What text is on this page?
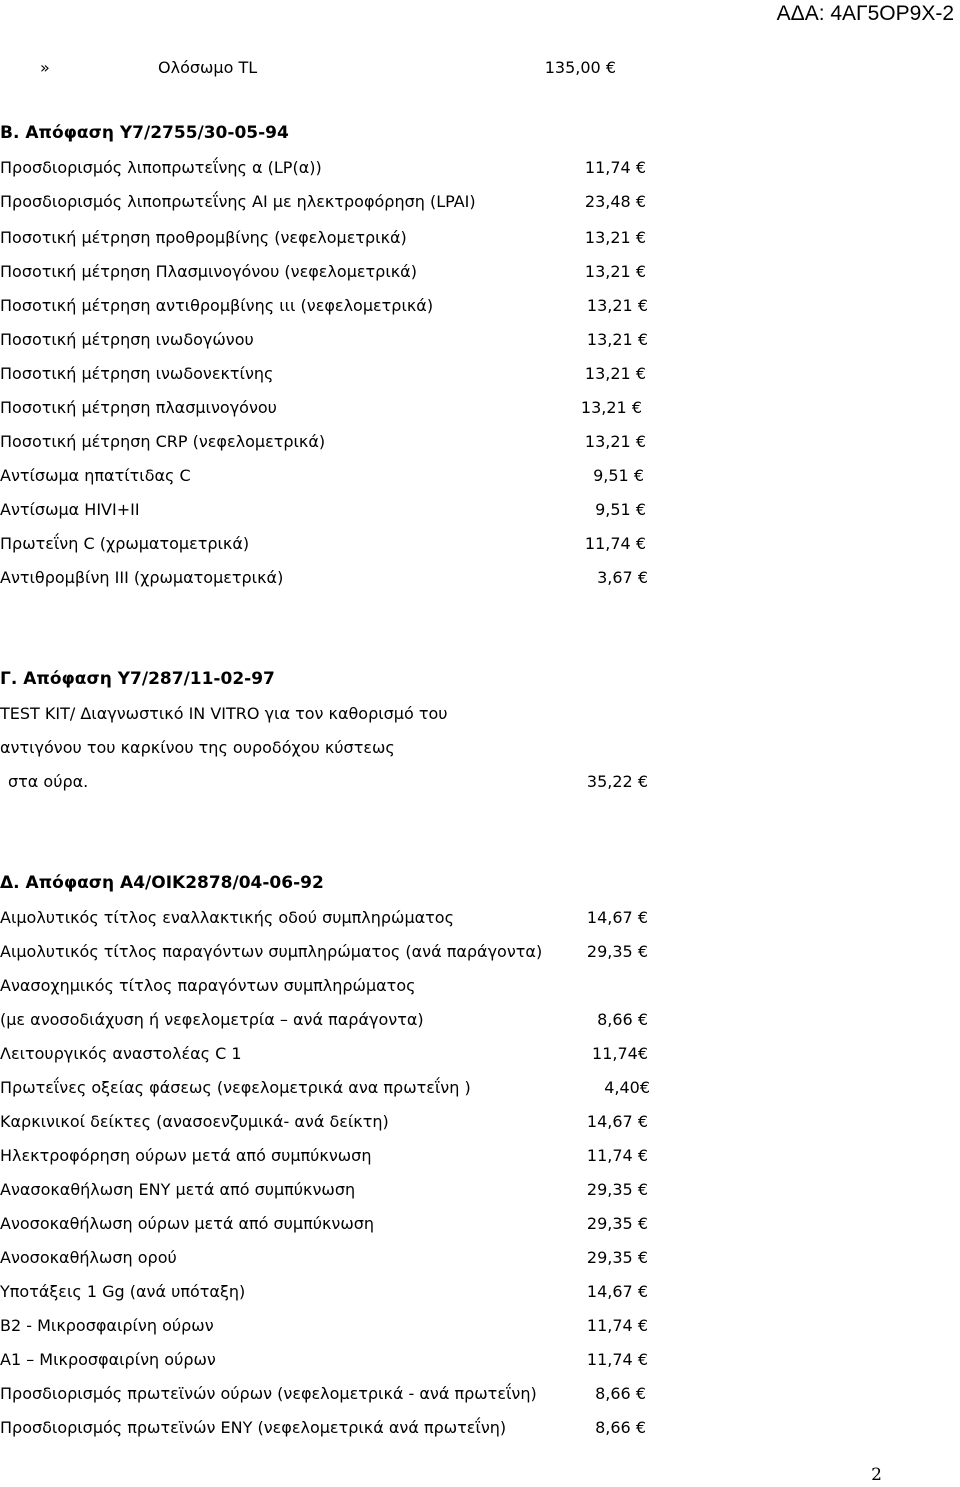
ΑΔΑ: 4ΑΓ5ΟΡ9Χ-2
»	Ολόσωμο TL	135,00 €
Β. Απόφαση Υ7/2755/30-05-94
Προσδιορισμός λιποπρωτεΐνης α (LP(α))	11,74 €
Προσδιορισμός λιποπρωτεΐνης ΑΙ με ηλεκτροφόρηση (LPAI)	23,48 €
Ποσοτική μέτρηση προθρομβίνης (νεφελομετρικά)	13,21 €
Ποσοτική μέτρηση Πλασμινογόνου (νεφελομετρικά)	13,21 €
Ποσοτική μέτρηση αντιθρομβίνης ιιι (νεφελομετρικά)	13,21 €
Ποσοτική μέτρηση ινωδογώνου	13,21 €
Ποσοτική μέτρηση ινωδονεκτίνης	13,21 €
Ποσοτική μέτρηση πλασμινογόνου	13,21 €
Ποσοτική μέτρηση CRP (νεφελομετρικά)	13,21 €
Αντίσωμα ηπατίτιδας C	9,51 €
Αντίσωμα HIVI+II	9,51 €
Πρωτεΐνη C (χρωματομετρικά)	11,74 €
Αντιθρομβίνη ΙΙΙ (χρωματομετρικά)	3,67 €
Γ. Απόφαση Υ7/287/11-02-97
TEST KIT/ Διαγνωστικό IN VITRO για τον καθορισμό του
αντιγόνου του καρκίνου της ουροδόχου κύστεως
στα ούρα.	35,22 €
Δ. Απόφαση Α4/ΟΙΚ2878/04-06-92
Αιμολυτικός τίτλος εναλλακτικής οδού συμπληρώματος	14,67 €
Αιμολυτικός τίτλος παραγόντων συμπληρώματος (ανά παράγοντα)	29,35 €
Ανασοχημικός τίτλος παραγόντων συμπληρώματος
(με ανοσοδιάχυση ή νεφελομετρία – ανά παράγοντα)	8,66 €
Λειτουργικός αναστολέας C 1	11,74€
Πρωτεΐνες οξείας φάσεως (νεφελομετρικά ανα πρωτεΐνη )	4,40€
Καρκινικοί δείκτες (ανασοενζυμικά- ανά δείκτη)	14,67 €
Ηλεκτροφόρηση ούρων μετά από συμπύκνωση	11,74 €
Ανασοκαθήλωση ΕΝΥ μετά από συμπύκνωση	29,35 €
Ανοσοκαθήλωση ούρων μετά από συμπύκνωση	29,35 €
Ανοσοκαθήλωση ορού	29,35 €
Υποτάξεις 1 Gg (ανά υπόταξη)	14,67 €
Β2 - Μικροσφαιρίνη ούρων	11,74 €
Α1 – Μικροσφαιρίνη ούρων	11,74 €
Προσδιορισμός πρωτεϊνών ούρων (νεφελομετρικά - ανά πρωτεΐνη)	8,66 €
Προσδιορισμός πρωτεϊνών ΕΝΥ (νεφελομετρικά ανά πρωτεΐνη)	8,66 €
2
